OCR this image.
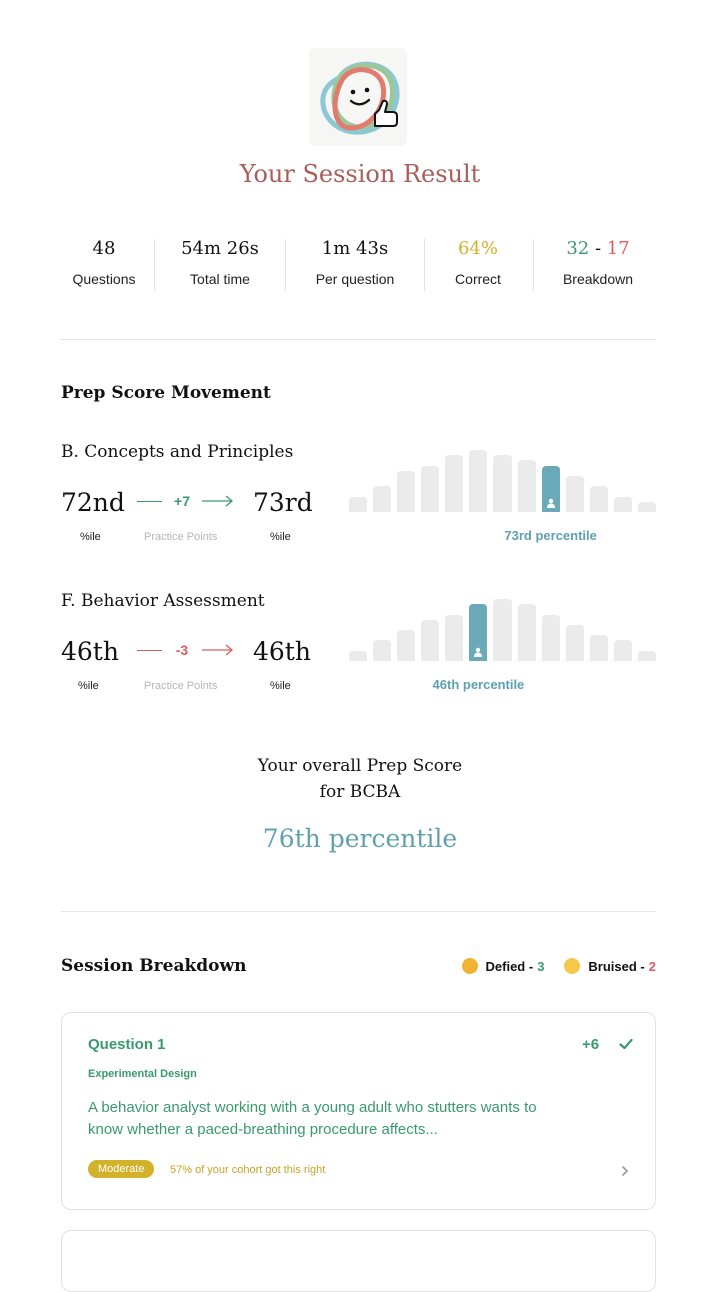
Your Session Result
48
Questions
54m 26s
Total time
1m 43s
Per question
64%
Correct
32 - 17
Breakdown
Prep Score Movement
B. Concepts and Principles
72nd
%ile
+7
Practice Points
73rd
%ile	73rd percentile
F. Behavior Assessment
46th
%ile
-3
Practice Points
46th
%ile	46th percentile
Your overall Prep Score
for BCBA
76th percentile
Session Breakdown	Defied - 3	Bruised - 2
Question 1	+6
Experimental Design
A behavior analyst working with a young adult who stutters wants to
know whether a paced-breathing procedure affects...
Moderate	57% of your cohort got this right
